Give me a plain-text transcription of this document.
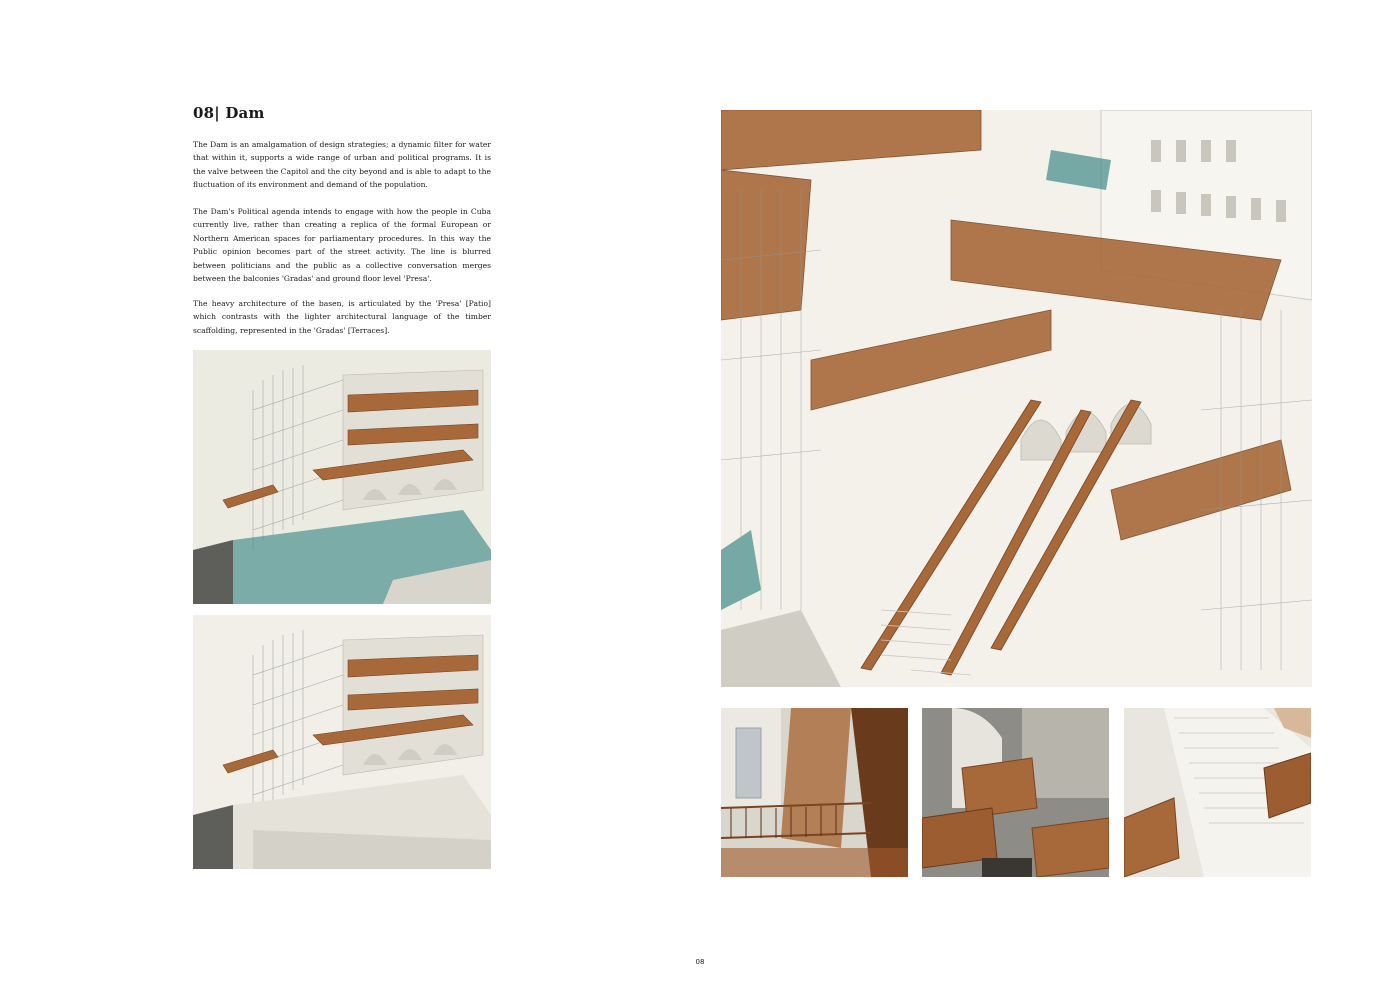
08| Dam

The Dam is an amalgamation of design strategies; a dynamic filter for water that within it, supports a wide range of urban and political programs. It is the valve between the Capitol and the city beyond and is able to adapt to the fluctuation of its environment and demand of the population.

The Dam's Political agenda intends to engage with how the people in Cuba currently live, rather than creating a replica of the formal European or Northern American spaces for parliamentary procedures. In this way the Public opinion becomes part of the street activity. The line is blurred between politicians and the public as a collective conversation merges between the balconies 'Gradas' and ground floor level 'Presa'.

The heavy architecture of the basen, is articulated by the 'Presa' [Patio] which contrasts with the lighter architectural language of the timber scaffolding, represented in the 'Gradas' [Terraces].

08
